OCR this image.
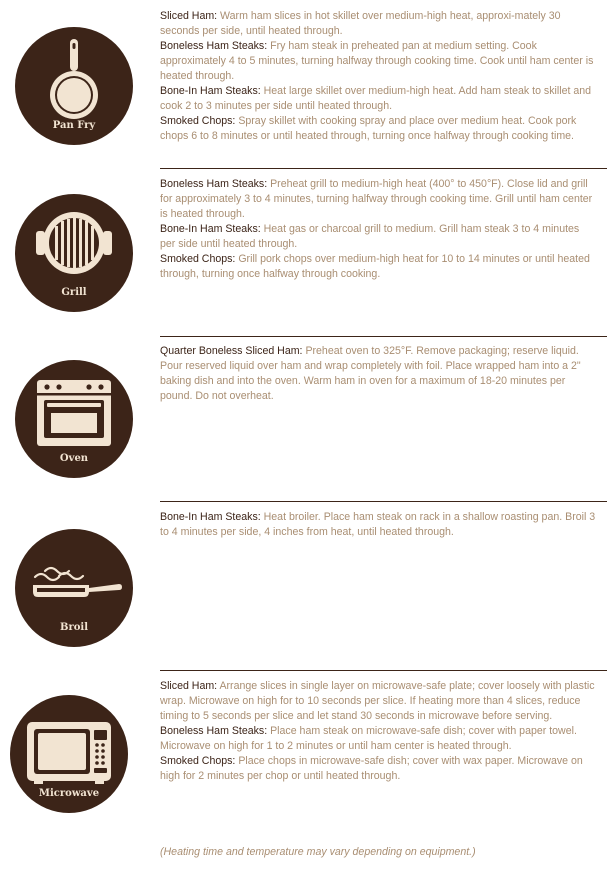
Pan Fry

Sliced Ham: Warm ham slices in hot skillet over medium-high heat, approxi-mately 30 seconds per side, until heated through.

Boneless Ham Steaks: Fry ham steak in preheated pan at medium setting. Cook approximately 4 to 5 minutes, turning halfway through cooking time. Cook until ham center is heated through.

Bone-In Ham Steaks: Heat large skillet over medium-high heat. Add ham steak to skillet and cook 2 to 3 minutes per side until heated through.

Smoked Chops: Spray skillet with cooking spray and place over medium heat. Cook pork chops 6 to 8 minutes or until heated through, turning once halfway through cooking time.

Grill

Boneless Ham Steaks: Preheat grill to medium-high heat (400° to 450°F). Close lid and grill for approximately 3 to 4 minutes, turning halfway through cooking time. Grill until ham center is heated through.

Bone-In Ham Steaks: Heat gas or charcoal grill to medium. Grill ham steak 3 to 4 minutes per side until heated through.

Smoked Chops: Grill pork chops over medium-high heat for 10 to 14 minutes or until heated through, turning once halfway through cooking.

Oven

Quarter Boneless Sliced Ham: Preheat oven to 325°F. Remove packaging; reserve liquid. Pour reserved liquid over ham and wrap completely with foil. Place wrapped ham into a 2" baking dish and into the oven. Warm ham in oven for a maximum of 18-20 minutes per pound. Do not overheat.

Broil

Bone-In Ham Steaks: Heat broiler. Place ham steak on rack in a shallow roasting pan. Broil 3 to 4 minutes per side, 4 inches from heat, until heated through.

Microwave

Sliced Ham: Arrange slices in single layer on microwave-safe plate; cover loosely with plastic wrap. Microwave on high for to 10 seconds per slice. If heating more than 4 slices, reduce timing to 5 seconds per slice and let stand 30 seconds in microwave before serving.

Boneless Ham Steaks: Place ham steak on microwave-safe dish; cover with paper towel. Microwave on high for 1 to 2 minutes or until ham center is heated through.

Smoked Chops: Place chops in microwave-safe dish; cover with wax paper. Microwave on high for 2 minutes per chop or until heated through.

(Heating time and temperature may vary depending on equipment.)
